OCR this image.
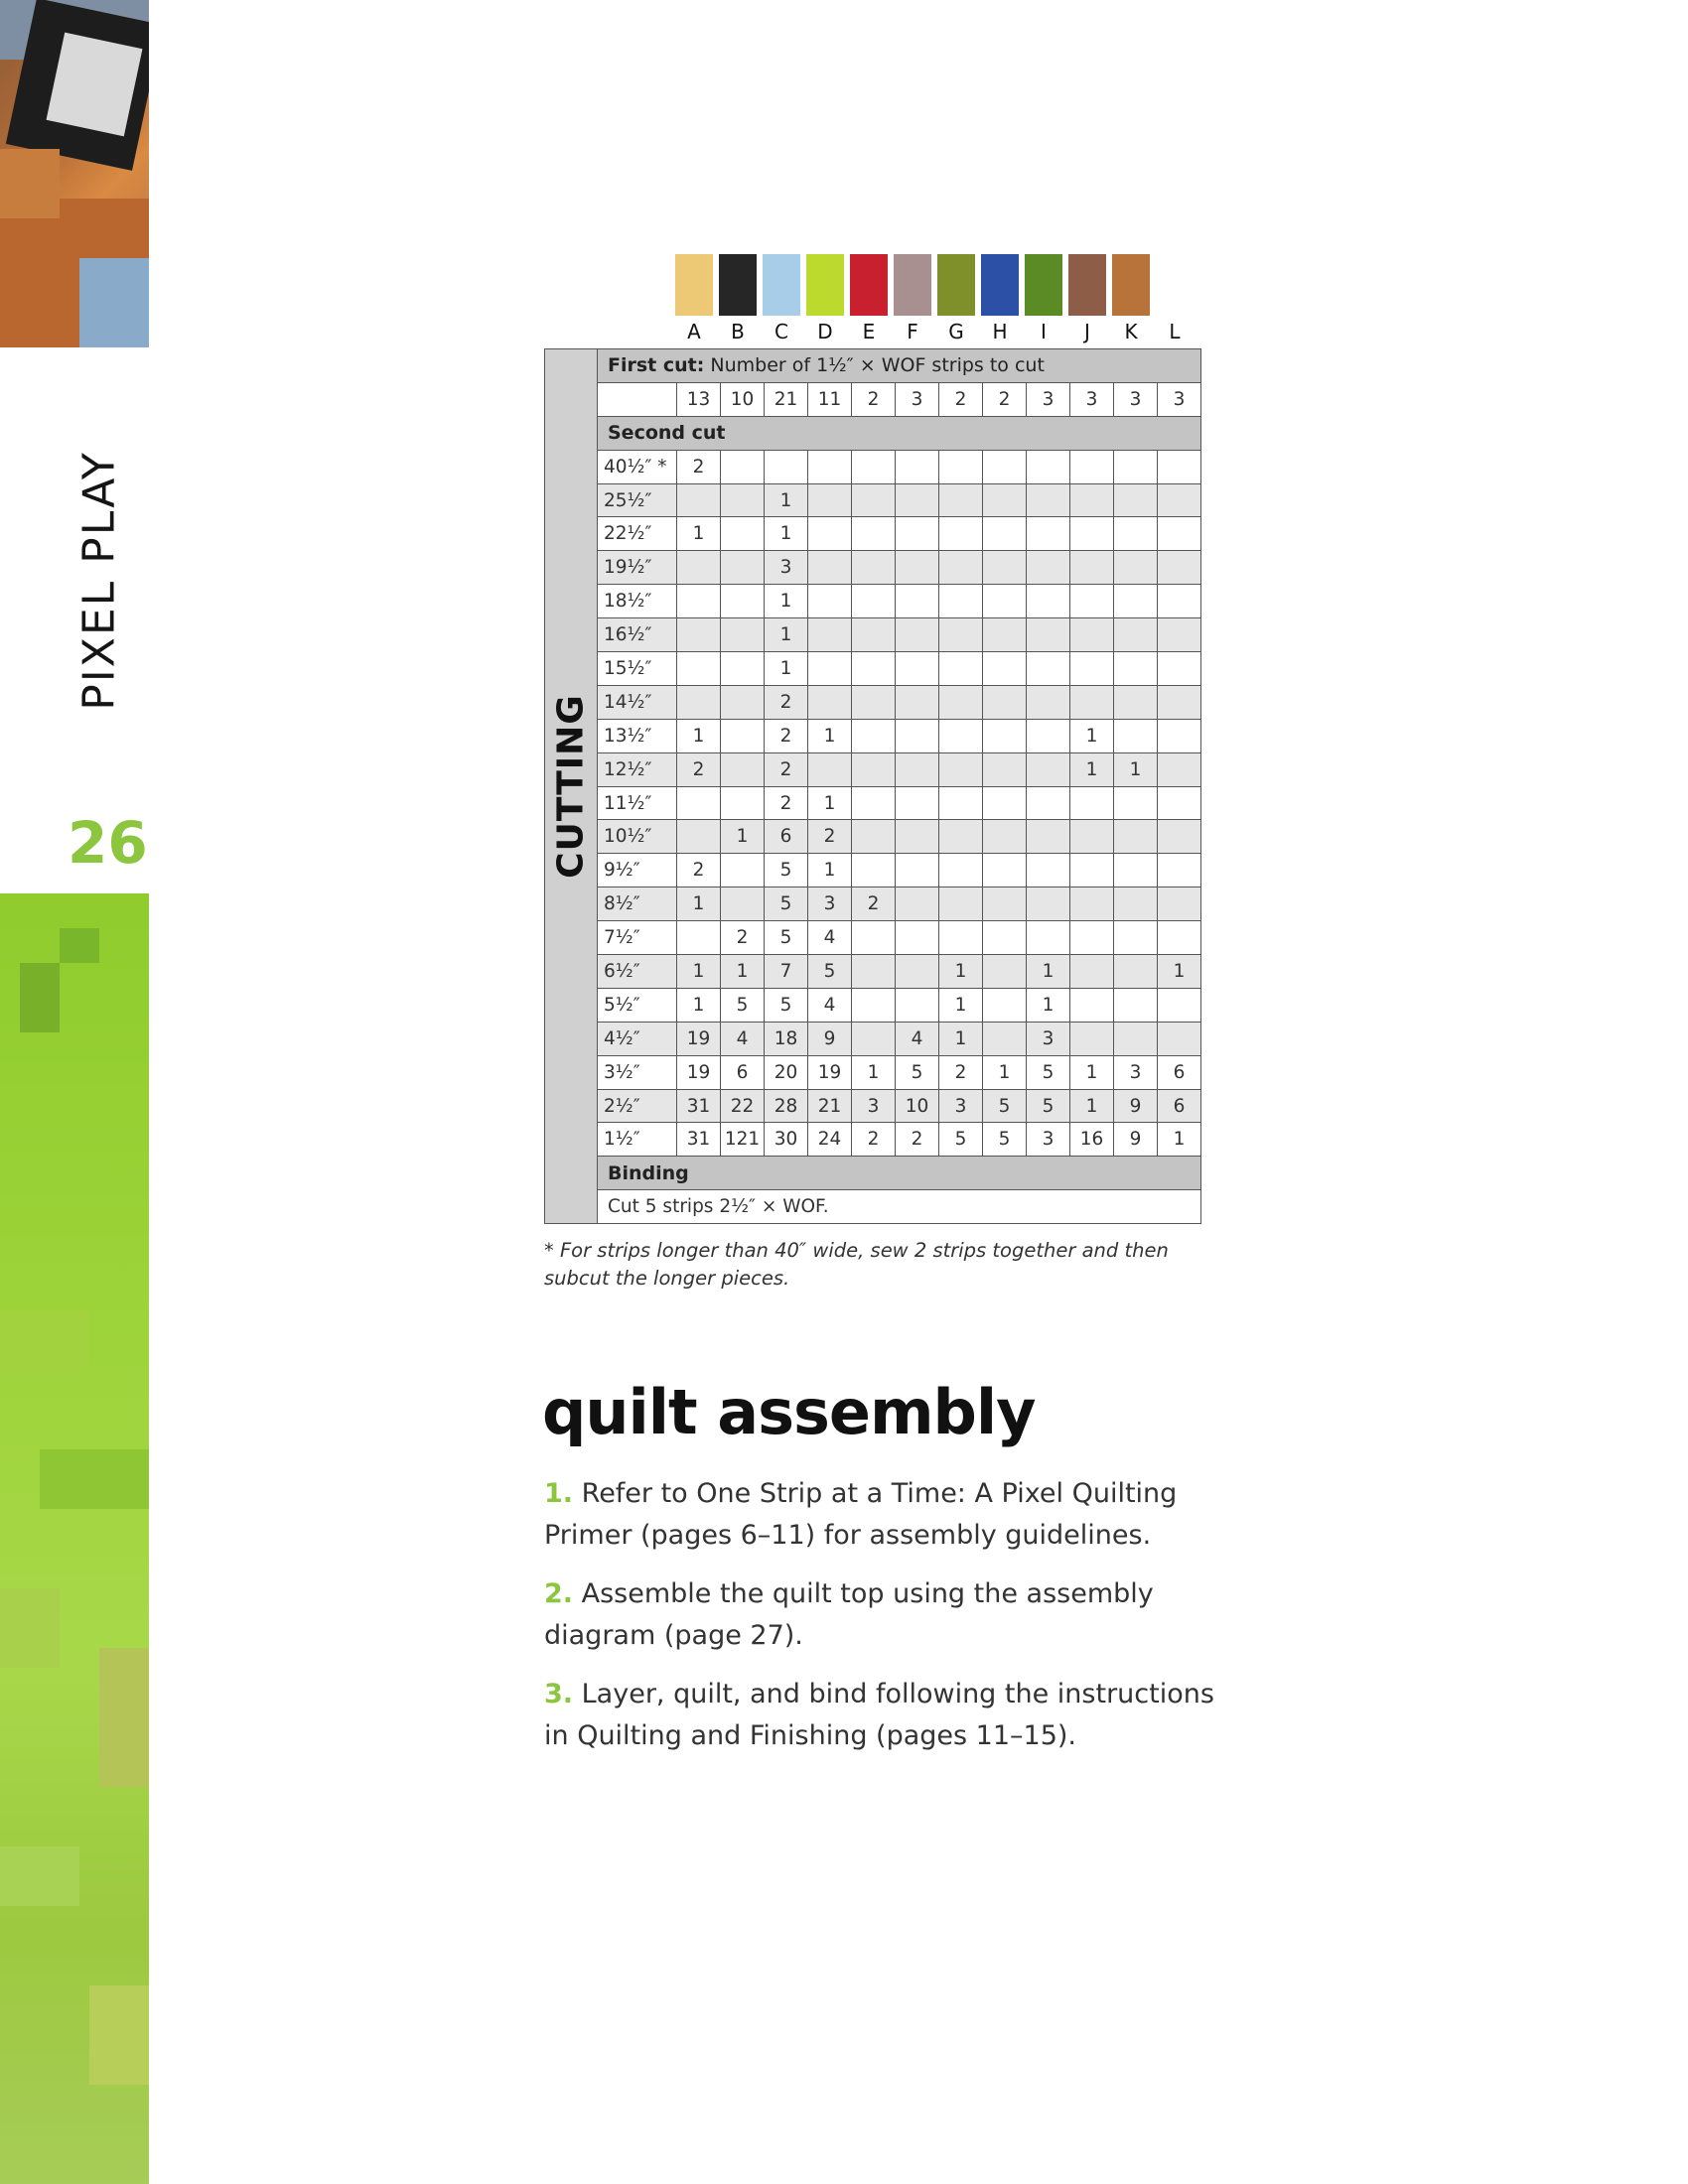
PIXEL PLAY
26
A	B	C	D	E	F	G	H	I	J	K	L
CUTTING	First cut: Number of 1½″ × WOF strips to cut												
		13	10	21	11	2	3	2	2	3	3	3	3
	Second cut												
	40½″ *	2											
	25½″			1									
	22½″	1		1									
	19½″			3									
	18½″			1									
	16½″			1									
	15½″			1									
	14½″			2									
	13½″	1		2	1						1		
	12½″	2		2							1	1	
	11½″			2	1								
	10½″		1	6	2								
	9½″	2		5	1								
	8½″	1		5	3	2							
	7½″		2	5	4								
	6½″	1	1	7	5			1		1			1
	5½″	1	5	5	4			1		1			
	4½″	19	4	18	9		4	1		3			
	3½″	19	6	20	19	1	5	2	1	5	1	3	6
	2½″	31	22	28	21	3	10	3	5	5	1	9	6
	1½″	31	121	30	24	2	2	5	5	3	16	9	1
	Binding												
	Cut 5 strips 2½″ × WOF.												
* For strips longer than 40″ wide, sew 2 strips together and then subcut the longer pieces.
quilt assembly
1. Refer to One Strip at a Time: A Pixel Quilting Primer (pages 6–11) for assembly guidelines.
2. Assemble the quilt top using the assembly diagram (page 27).
3. Layer, quilt, and bind following the instructions in Quilting and Finishing (pages 11–15).
